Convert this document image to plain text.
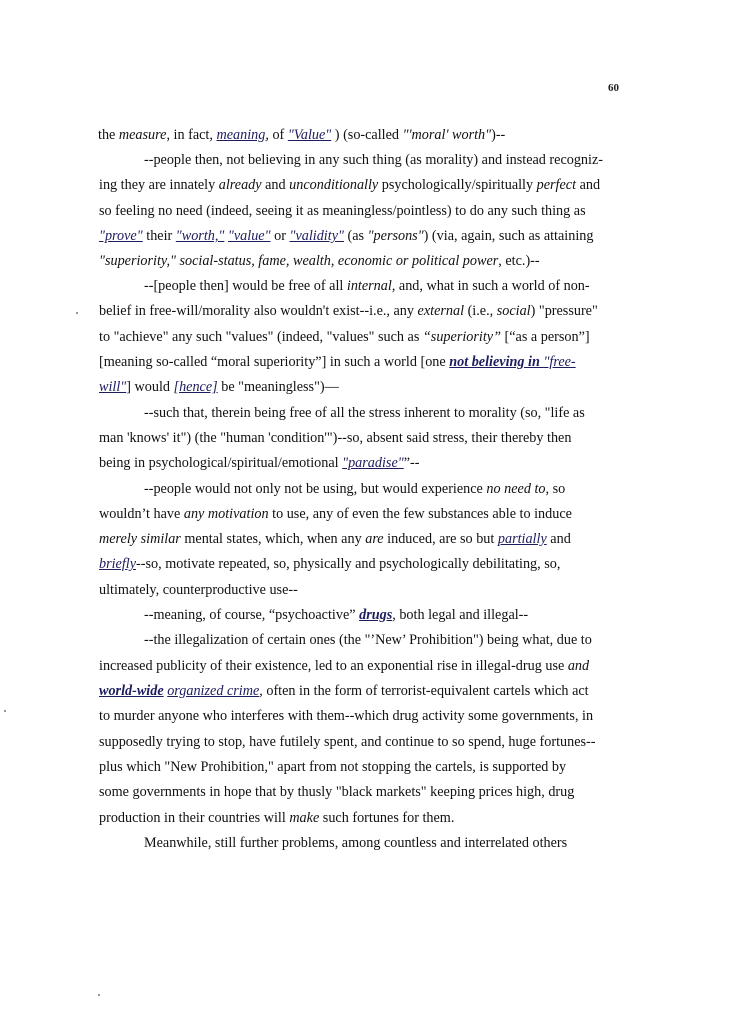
60
the measure, in fact, meaning, of "Value" ) (so-called "'moral' worth")--
--people then, not believing in any such thing (as morality) and instead recogniz-
ing they are innately already and unconditionally psychologically/spiritually perfect and
so feeling no need (indeed, seeing it as meaningless/pointless) to do any such thing as
"prove" their "worth," "value" or "validity" (as "persons") (via, again, such as attaining
"superiority," social-status, fame, wealth, economic or political power, etc.)--
--[people then] would be free of all internal, and, what in such a world of non-
belief in free-will/morality also wouldn't exist--i.e., any external (i.e., social) "pressure"
to "achieve" any such "values" (indeed, "values" such as “superiority” [“as a person”]
[meaning so-called “moral superiority”] in such a world [one not believing in "free-
will"] would [hence] be "meaningless")—
--such that, therein being free of all the stress inherent to morality (so, "life as
man 'knows' it") (the "human 'condition'")--so, absent said stress, their thereby then
being in psychological/spiritual/emotional "paradise"”--
--people would not only not be using, but would experience no need to, so
wouldn’t have any motivation to use, any of even the few substances able to induce
merely similar mental states, which, when any are induced, are so but partially and
briefly--so, motivate repeated, so, physically and psychologically debilitating, so,
ultimately, counterproductive use--
--meaning, of course, “psychoactive” drugs, both legal and illegal--
--the illegalization of certain ones (the "’New’ Prohibition") being what, due to
increased publicity of their existence, led to an exponential rise in illegal-drug use and
world-wide organized crime, often in the form of terrorist-equivalent cartels which act
to murder anyone who interferes with them--which drug activity some governments, in
supposedly trying to stop, have futilely spent, and continue to so spend, huge fortunes--
plus which "New Prohibition," apart from not stopping the cartels, is supported by
some governments in hope that by thusly "black markets" keeping prices high, drug
production in their countries will make such fortunes for them.
Meanwhile, still further problems, among countless and interrelated others
